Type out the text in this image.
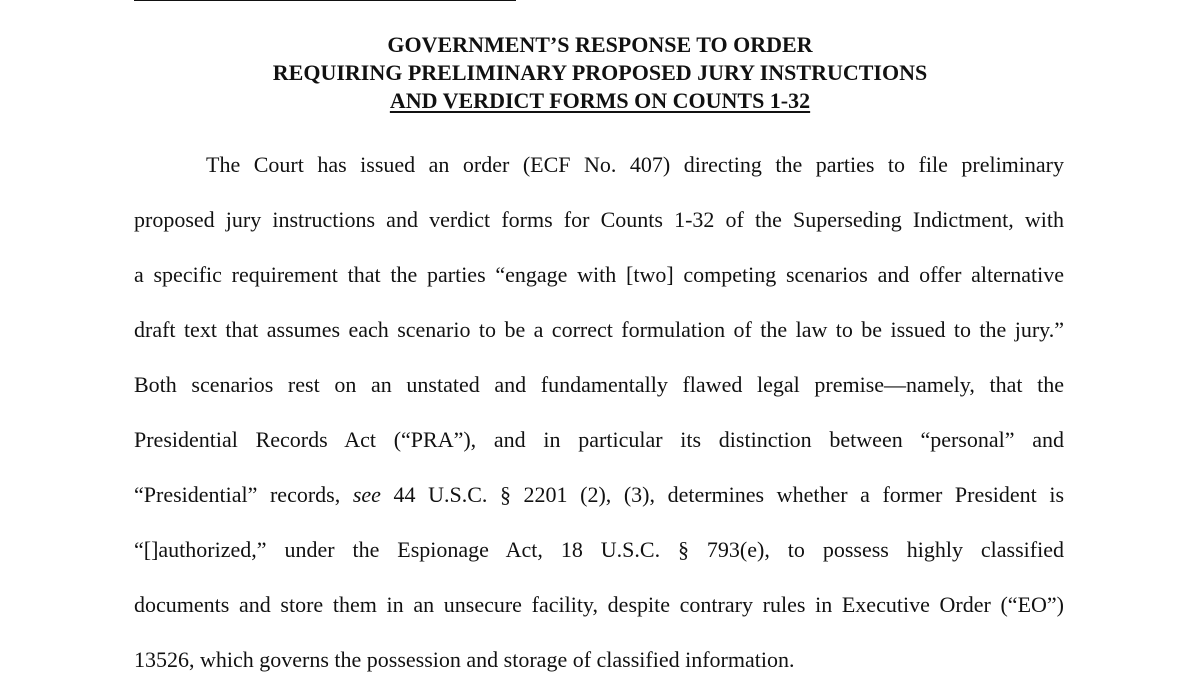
GOVERNMENT’S RESPONSE TO ORDER
REQUIRING PRELIMINARY PROPOSED JURY INSTRUCTIONS
AND VERDICT FORMS ON COUNTS 1-32

The Court has issued an order (ECF No. 407) directing the parties to file preliminary
proposed jury instructions and verdict forms for Counts 1-32 of the Superseding Indictment, with
a specific requirement that the parties “engage with [two] competing scenarios and offer alternative
draft text that assumes each scenario to be a correct formulation of the law to be issued to the jury.”
Both scenarios rest on an unstated and fundamentally flawed legal premise—namely, that the
Presidential Records Act (“PRA”), and in particular its distinction between “personal” and
“Presidential” records, see 44 U.S.C. § 2201 (2), (3), determines whether a former President is
“[]authorized,” under the Espionage Act, 18 U.S.C. § 793(e), to possess highly classified
documents and store them in an unsecure facility, despite contrary rules in Executive Order (“EO”)
13526, which governs the possession and storage of classified information.
